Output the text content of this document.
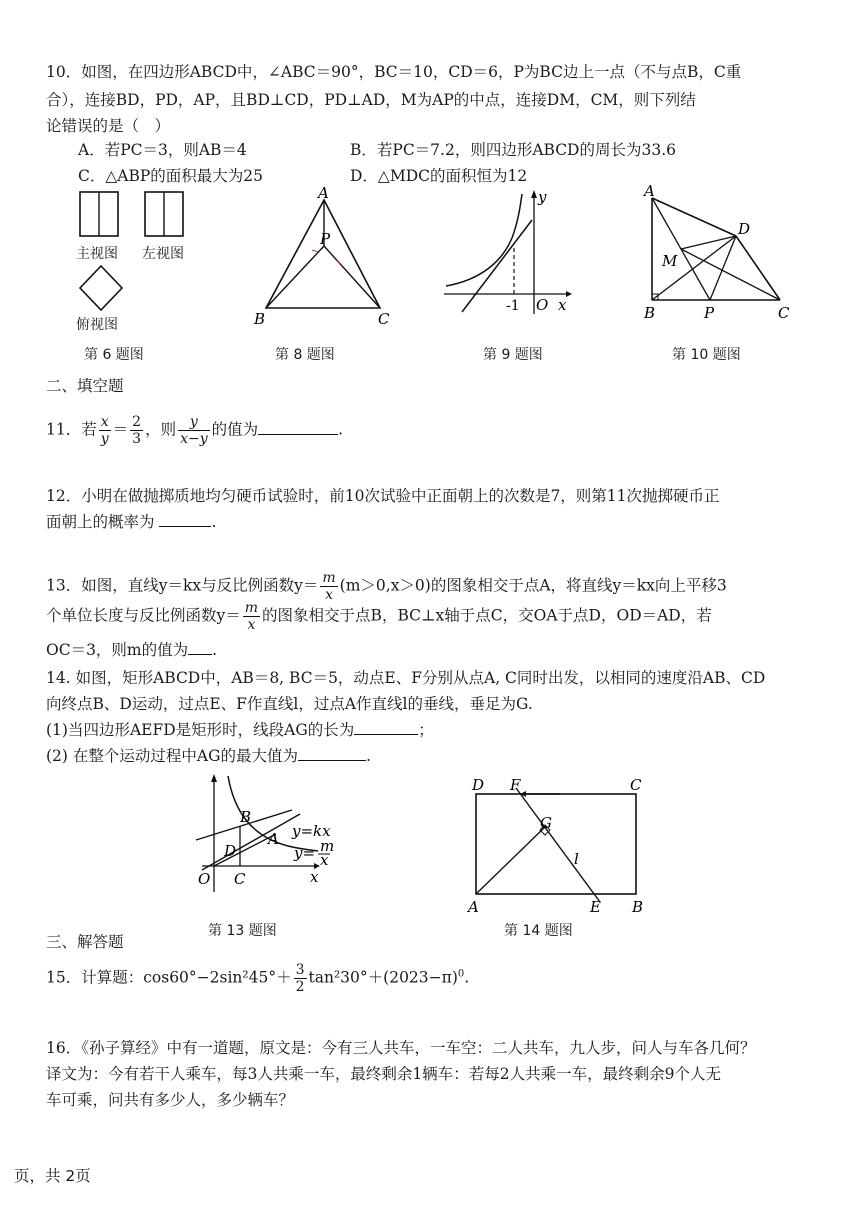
10．如图，在四边形ABCD中，∠ABC＝90°，BC＝10，CD＝6，P为BC边上一点（不与点B，C重
合），连接BD，PD，AP，且BD⊥CD，PD⊥AD，M为AP的中点，连接DM，CM，则下列结
论错误的是（　）
A．若PC＝3，则AB＝4	B．若PC＝7.2，则四边形ABCD的周长为33.6
C．△ABP的面积最大为25	D．△MDC的面积恒为12
主视图 左视图
俯视图
第 6 题图
A
P
B	C
第 8 题图
y
x
O
-1
第 9 题图
A
D
M
B	P	C
第 10 题图
二、填空题
11．若 $\frac{x}{y} = \frac{2}{3}$ ，则 $\frac{y}{x-y}$ 的值为	.
12．小明在做抛掷质地均匀硬币试验时，前10次试验中正面朝上的次数是7，则第11次抛掷硬币正
面朝上的概率为	.
13．如图，直线y＝kx与反比例函数$y= \frac{m}{x} (m>0,x>0)$的图象相交于点A，将直线y＝kx向上平移3
个单位长度与反比例函数$y= \frac{m}{x}$ 的图象相交于点B，BC⊥x轴于点C，交OA于点D，OD＝AD，若
OC＝3，则m的值为 .
14. 如图，矩形ABCD中，AB＝8, BC＝5，动点E、F分别从点A, C同时出发，以相同的速度沿AB、CD
向终点B、D运动，过点E、F作直线l，过点A作直线l的垂线，垂足为G.
(1)当四边形AEFD是矩形时，线段AG的长为	；
(2) 在整个运动过程中AG的最大值为	.
B
A
D
O C	x
y=kx
y= m
x
第 13 题图
D F	C
G
l
A	E B
第 14 题图
三、解答题
15．计算题：$\cos 60^\circ-2\sin^245^\circ+ \frac{3}{2} \tan^230^\circ+(2023-\pi)^0$.
16．《孙子算经》中有一道题，原文是：今有三人共车，一车空：二人共车，九人步，问人与车各几何？
译文为：今有若干人乘车，每3人共乘一车，最终剩余1辆车：若每2人共乘一车，最终剩余9个人无
车可乘，问共有多少人，多少辆车？
页，共 2页
